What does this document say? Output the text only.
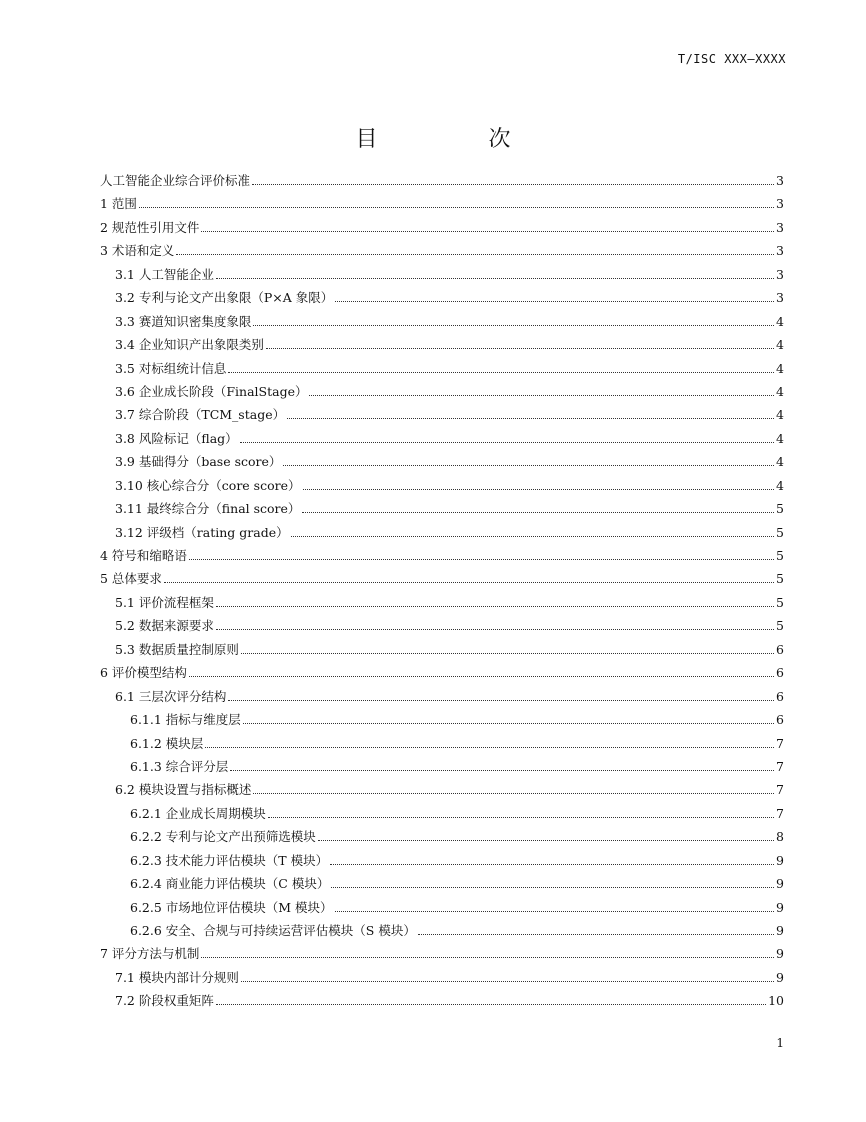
T/ISC XXX—XXXX
目 次
人工智能企业综合评价标准	3
1 范围	3
2 规范性引用文件	3
3 术语和定义	3
3.1 人工智能企业	3
3.2 专利与论文产出象限（P×A 象限）	3
3.3 赛道知识密集度象限	4
3.4 企业知识产出象限类别	4
3.5 对标组统计信息	4
3.6 企业成长阶段（FinalStage）	4
3.7 综合阶段（TCM_stage）	4
3.8 风险标记（flag）	4
3.9 基础得分（base score）	4
3.10 核心综合分（core score）	4
3.11 最终综合分（final score）	5
3.12 评级档（rating grade）	5
4 符号和缩略语	5
5 总体要求	5
5.1 评价流程框架	5
5.2 数据来源要求	5
5.3 数据质量控制原则	6
6 评价模型结构	6
6.1 三层次评分结构	6
6.1.1 指标与维度层	6
6.1.2 模块层	7
6.1.3 综合评分层	7
6.2 模块设置与指标概述	7
6.2.1 企业成长周期模块	7
6.2.2 专利与论文产出预筛选模块	8
6.2.3 技术能力评估模块（T 模块）	9
6.2.4 商业能力评估模块（C 模块）	9
6.2.5 市场地位评估模块（M 模块）	9
6.2.6 安全、合规与可持续运营评估模块（S 模块）	9
7 评分方法与机制	9
7.1 模块内部计分规则	9
7.2 阶段权重矩阵	10
1
